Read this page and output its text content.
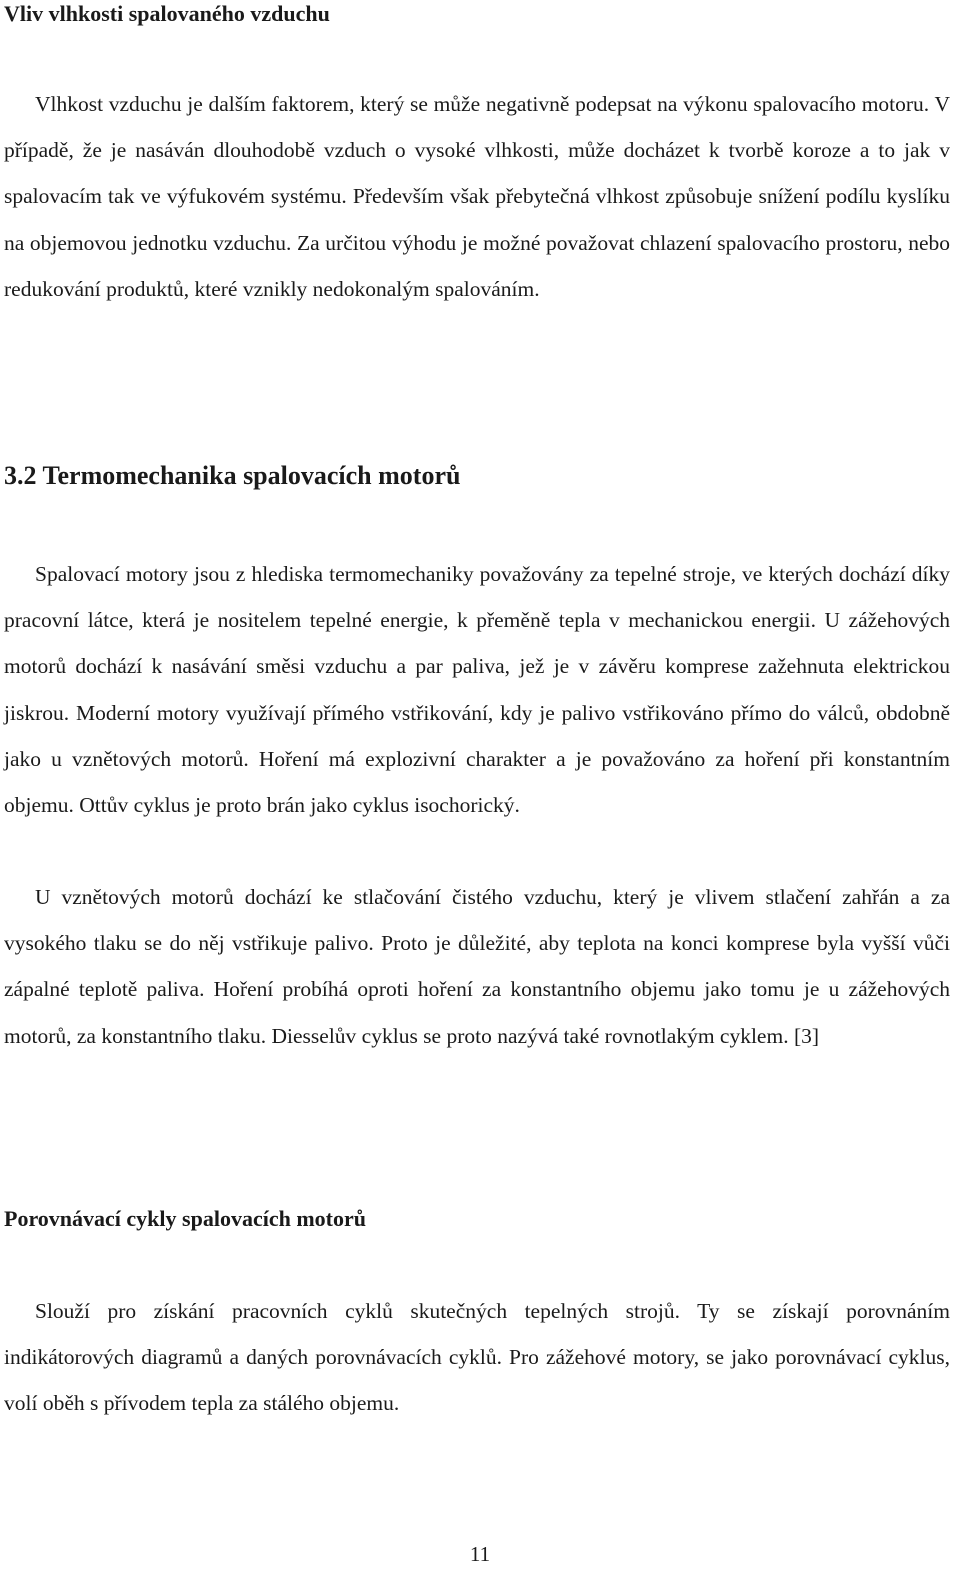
Vliv vlhkosti spalovaného vzduchu

Vlhkost vzduchu je dalším faktorem, který se může negativně podepsat na výkonu spalovacího motoru. V případě, že je nasáván dlouhodobě vzduch o vysoké vlhkosti, může docházet k tvorbě koroze a to jak v spalovacím tak ve výfukovém systému. Především však přebytečná vlhkost způsobuje snížení podílu kyslíku na objemovou jednotku vzduchu. Za určitou výhodu je možné považovat chlazení spalovacího prostoru, nebo redukování produktů, které vznikly nedokonalým spalováním.

3.2 Termomechanika spalovacích motorů

Spalovací motory jsou z hlediska termomechaniky považovány za tepelné stroje, ve kterých dochází díky pracovní látce, která je nositelem tepelné energie, k přeměně tepla v mechanickou energii. U zážehových motorů dochází k nasávání směsi vzduchu a par paliva, jež je v závěru komprese zažehnuta elektrickou jiskrou. Moderní motory využívají přímého vstřikování, kdy je palivo vstřikováno přímo do válců, obdobně jako u vznětových motorů. Hoření má explozivní charakter a je považováno za hoření při konstantním objemu. Ottův cyklus je proto brán jako cyklus isochorický.

U vznětových motorů dochází ke stlačování čistého vzduchu, který je vlivem stlačení zahřán a za vysokého tlaku se do něj vstřikuje palivo. Proto je důležité, aby teplota na konci komprese byla vyšší vůči zápalné teplotě paliva. Hoření probíhá oproti hoření za konstantního objemu jako tomu je u zážehových motorů, za konstantního tlaku. Diesselův cyklus se proto nazývá také rovnotlakým cyklem. [3]

Porovnávací cykly spalovacích motorů

Slouží pro získání pracovních cyklů skutečných tepelných strojů. Ty se získají porovnáním indikátorových diagramů a daných porovnávacích cyklů. Pro zážehové motory, se jako porovnávací cyklus, volí oběh s přívodem tepla za stálého objemu.

11
